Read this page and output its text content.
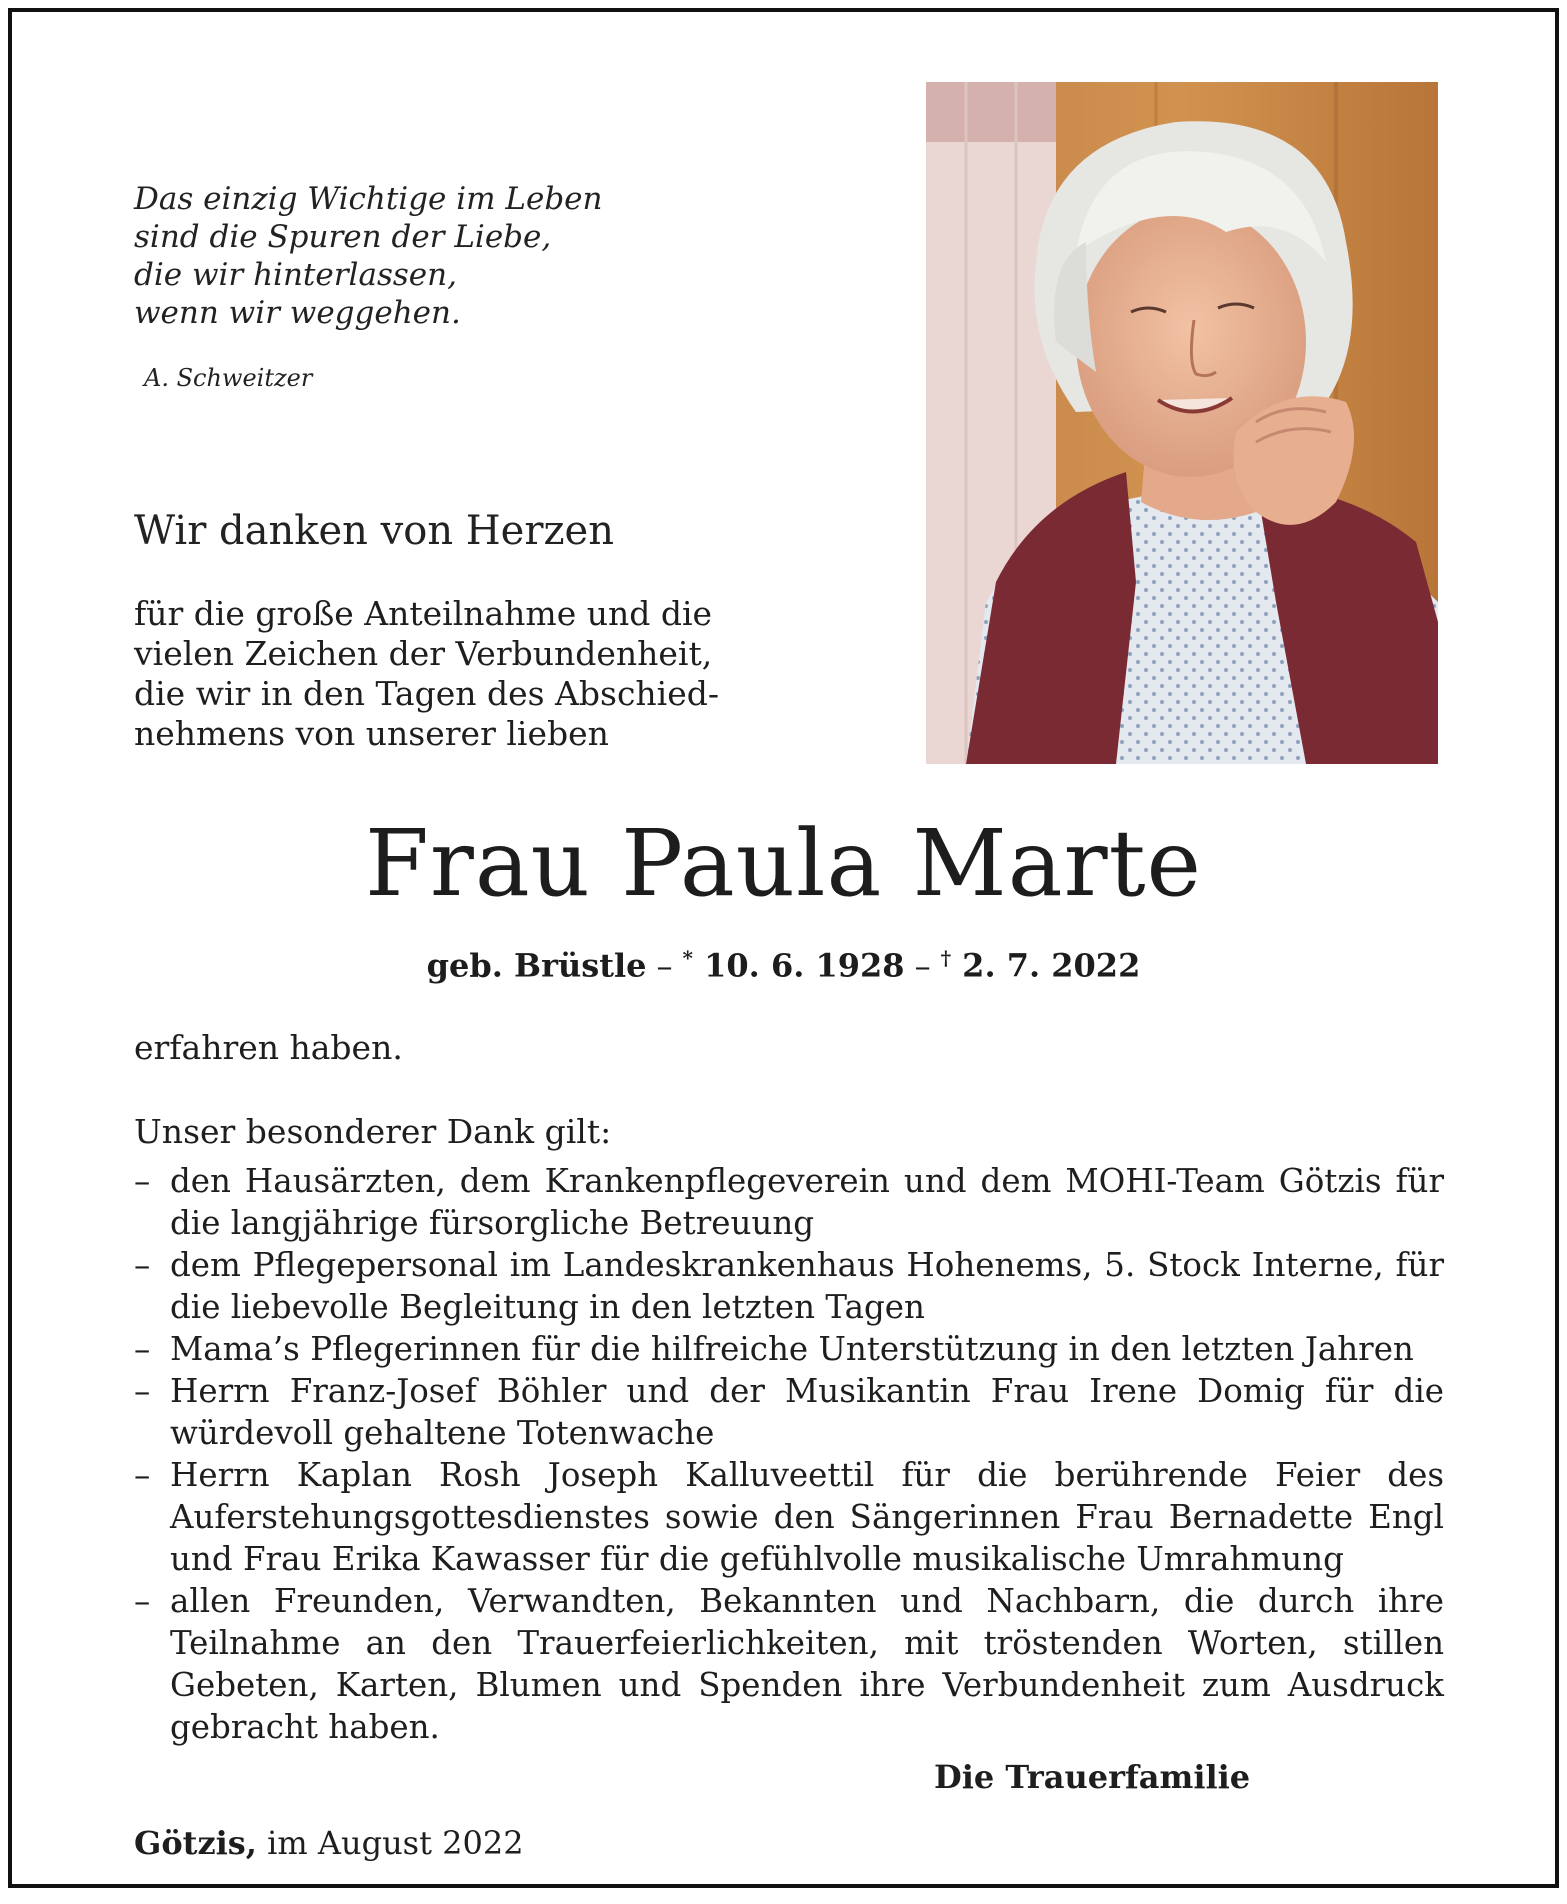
Das einzig Wichtige im Leben
sind die Spuren der Liebe,
die wir hinterlassen,
wenn wir weggehen.
A. Schweitzer
Wir danken von Herzen
für die große Anteilnahme und die
vielen Zeichen der Verbundenheit,
die wir in den Tagen des Abschied-
nehmens von unserer lieben
Frau Paula Marte
geb. Brüstle – * 10. 6. 1928 – † 2. 7. 2022
erfahren haben.
Unser besonderer Dank gilt:
– den Hausärzten, dem Krankenpflegeverein und dem MOHI-Team Götzis für die langjährige fürsorgliche Betreuung
– dem Pflegepersonal im Landeskrankenhaus Hohenems, 5. Stock Interne, für die liebevolle Begleitung in den letzten Tagen
– Mama’s Pflegerinnen für die hilfreiche Unterstützung in den letzten Jahren
– Herrn Franz-Josef Böhler und der Musikantin Frau Irene Domig für die würdevoll gehaltene Totenwache
– Herrn Kaplan Rosh Joseph Kalluveettil für die berührende Feier des Auferstehungsgottesdienstes sowie den Sängerinnen Frau Bernadette Engl und Frau Erika Kawasser für die gefühlvolle musikalische Umrahmung
– allen Freunden, Verwandten, Bekannten und Nachbarn, die durch ihre Teilnahme an den Trauerfeierlichkeiten, mit tröstenden Worten, stillen Gebeten, Karten, Blumen und Spenden ihre Verbundenheit zum Ausdruck gebracht haben.
Die Trauerfamilie
Götzis, im August 2022
